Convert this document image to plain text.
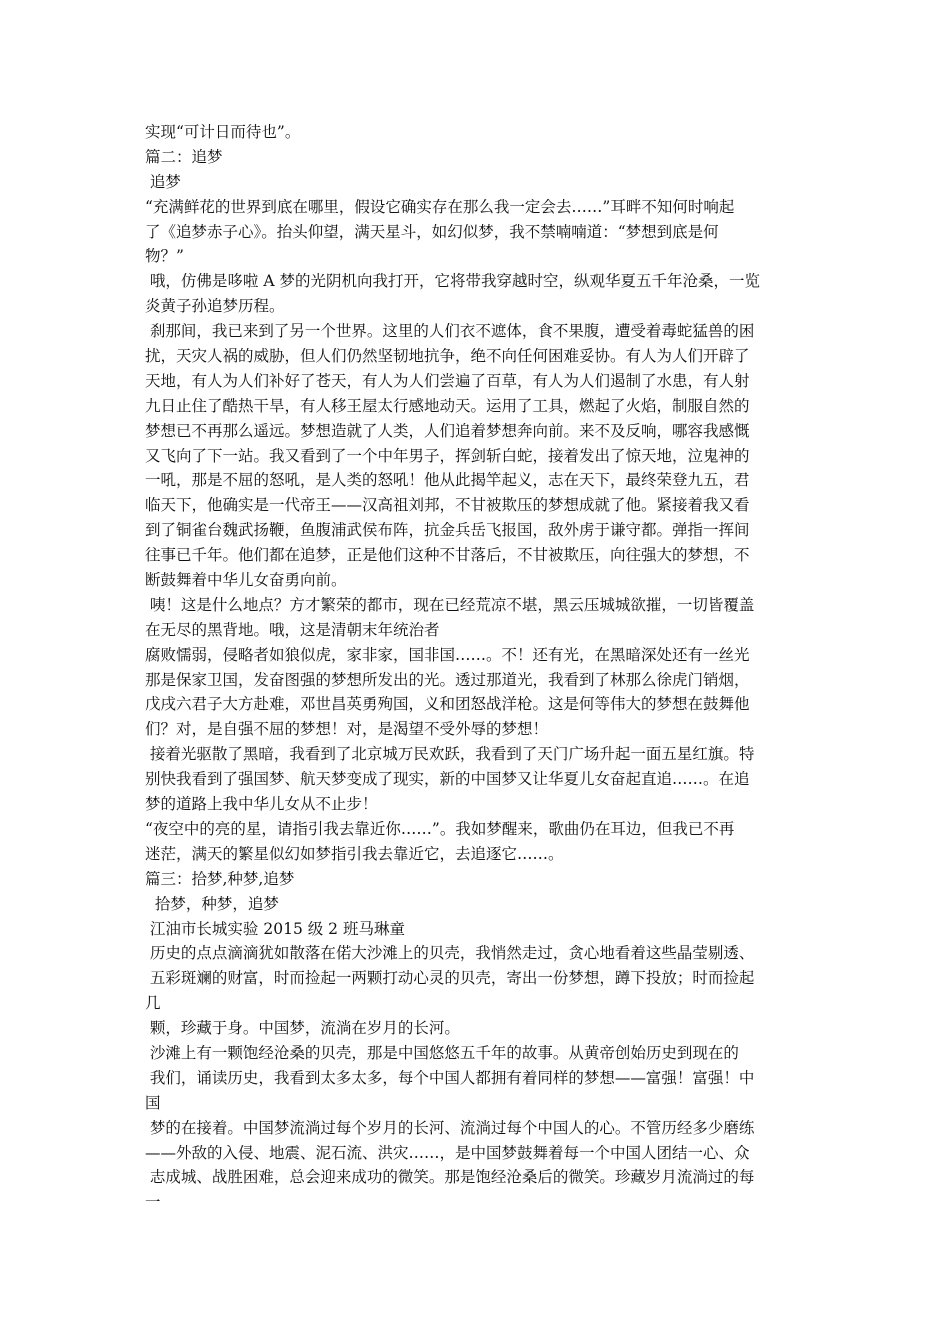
实现“可计日而待也”。
篇二：追梦
追梦
“充满鲜花的世界到底在哪里，假设它确实存在那么我一定会去……”耳畔不知何时响起
了《追梦赤子心》。抬头仰望，满天星斗，如幻似梦，我不禁喃喃道：“梦想到底是何
物？”
哦，仿佛是哆啦 A 梦的光阴机向我打开，它将带我穿越时空，纵观华夏五千年沧桑，一览
炎黄子孙追梦历程。
刹那间，我已来到了另一个世界。这里的人们衣不遮体，食不果腹，遭受着毒蛇猛兽的困
扰，天灾人祸的威胁，但人们仍然坚韧地抗争，绝不向任何困难妥协。有人为人们开辟了
天地，有人为人们补好了苍天，有人为人们尝遍了百草，有人为人们遏制了水患，有人射
九日止住了酷热干旱，有人移王屋太行感地动天。运用了工具，燃起了火焰，制服自然的
梦想已不再那么遥远。梦想造就了人类，人们追着梦想奔向前。来不及反响，哪容我感慨
又飞向了下一站。我又看到了一个中年男子，挥剑斩白蛇，接着发出了惊天地，泣鬼神的
一吼，那是不屈的怒吼，是人类的怒吼！他从此揭竿起义，志在天下，最终荣登九五，君
临天下，他确实是一代帝王——汉高祖刘邦，不甘被欺压的梦想成就了他。紧接着我又看
到了铜雀台魏武扬鞭，鱼腹浦武侯布阵，抗金兵岳飞报国，敌外虏于谦守都。弹指一挥间
往事已千年。他们都在追梦，正是他们这种不甘落后，不甘被欺压，向往强大的梦想，不
断鼓舞着中华儿女奋勇向前。
咦！这是什么地点？方才繁荣的都市，现在已经荒凉不堪，黑云压城城欲摧，一切皆覆盖
在无尽的黑背地。哦，这是清朝末年统治者
腐败懦弱，侵略者如狼似虎，家非家，国非国……。不！还有光，在黑暗深处还有一丝光
那是保家卫国，发奋图强的梦想所发出的光。透过那道光，我看到了林那么徐虎门销烟，
戊戌六君子大方赴难，邓世昌英勇殉国，义和团怒战洋枪。这是何等伟大的梦想在鼓舞他
们？对，是自强不屈的梦想！对，是渴望不受外辱的梦想！
接着光驱散了黑暗，我看到了北京城万民欢跃，我看到了天门广场升起一面五星红旗。特
别快我看到了强国梦、航天梦变成了现实，新的中国梦又让华夏儿女奋起直追……。在追
梦的道路上我中华儿女从不止步！
“夜空中的亮的星，请指引我去靠近你……”。我如梦醒来，歌曲仍在耳边，但我已不再
迷茫，满天的繁星似幻如梦指引我去靠近它，去追逐它……。
篇三：拾梦,种梦,追梦
拾梦，种梦，追梦
江油市长城实验 2015 级 2 班马琳童
历史的点点滴滴犹如散落在偌大沙滩上的贝壳，我悄然走过，贪心地看着这些晶莹剔透、
五彩斑斓的财富，时而捡起一两颗打动心灵的贝壳，寄出一份梦想，蹲下投放；时而捡起
几
颗，珍藏于身。中国梦，流淌在岁月的长河。
沙滩上有一颗饱经沧桑的贝壳，那是中国悠悠五千年的故事。从黄帝创始历史到现在的
我们，诵读历史，我看到太多太多，每个中国人都拥有着同样的梦想——富强！富强！中
国
梦的在接着。中国梦流淌过每个岁月的长河、流淌过每个中国人的心。不管历经多少磨练
——外敌的入侵、地震、泥石流、洪灾……，是中国梦鼓舞着每一个中国人团结一心、众
志成城、战胜困难，总会迎来成功的微笑。那是饱经沧桑后的微笑。珍藏岁月流淌过的每
一
